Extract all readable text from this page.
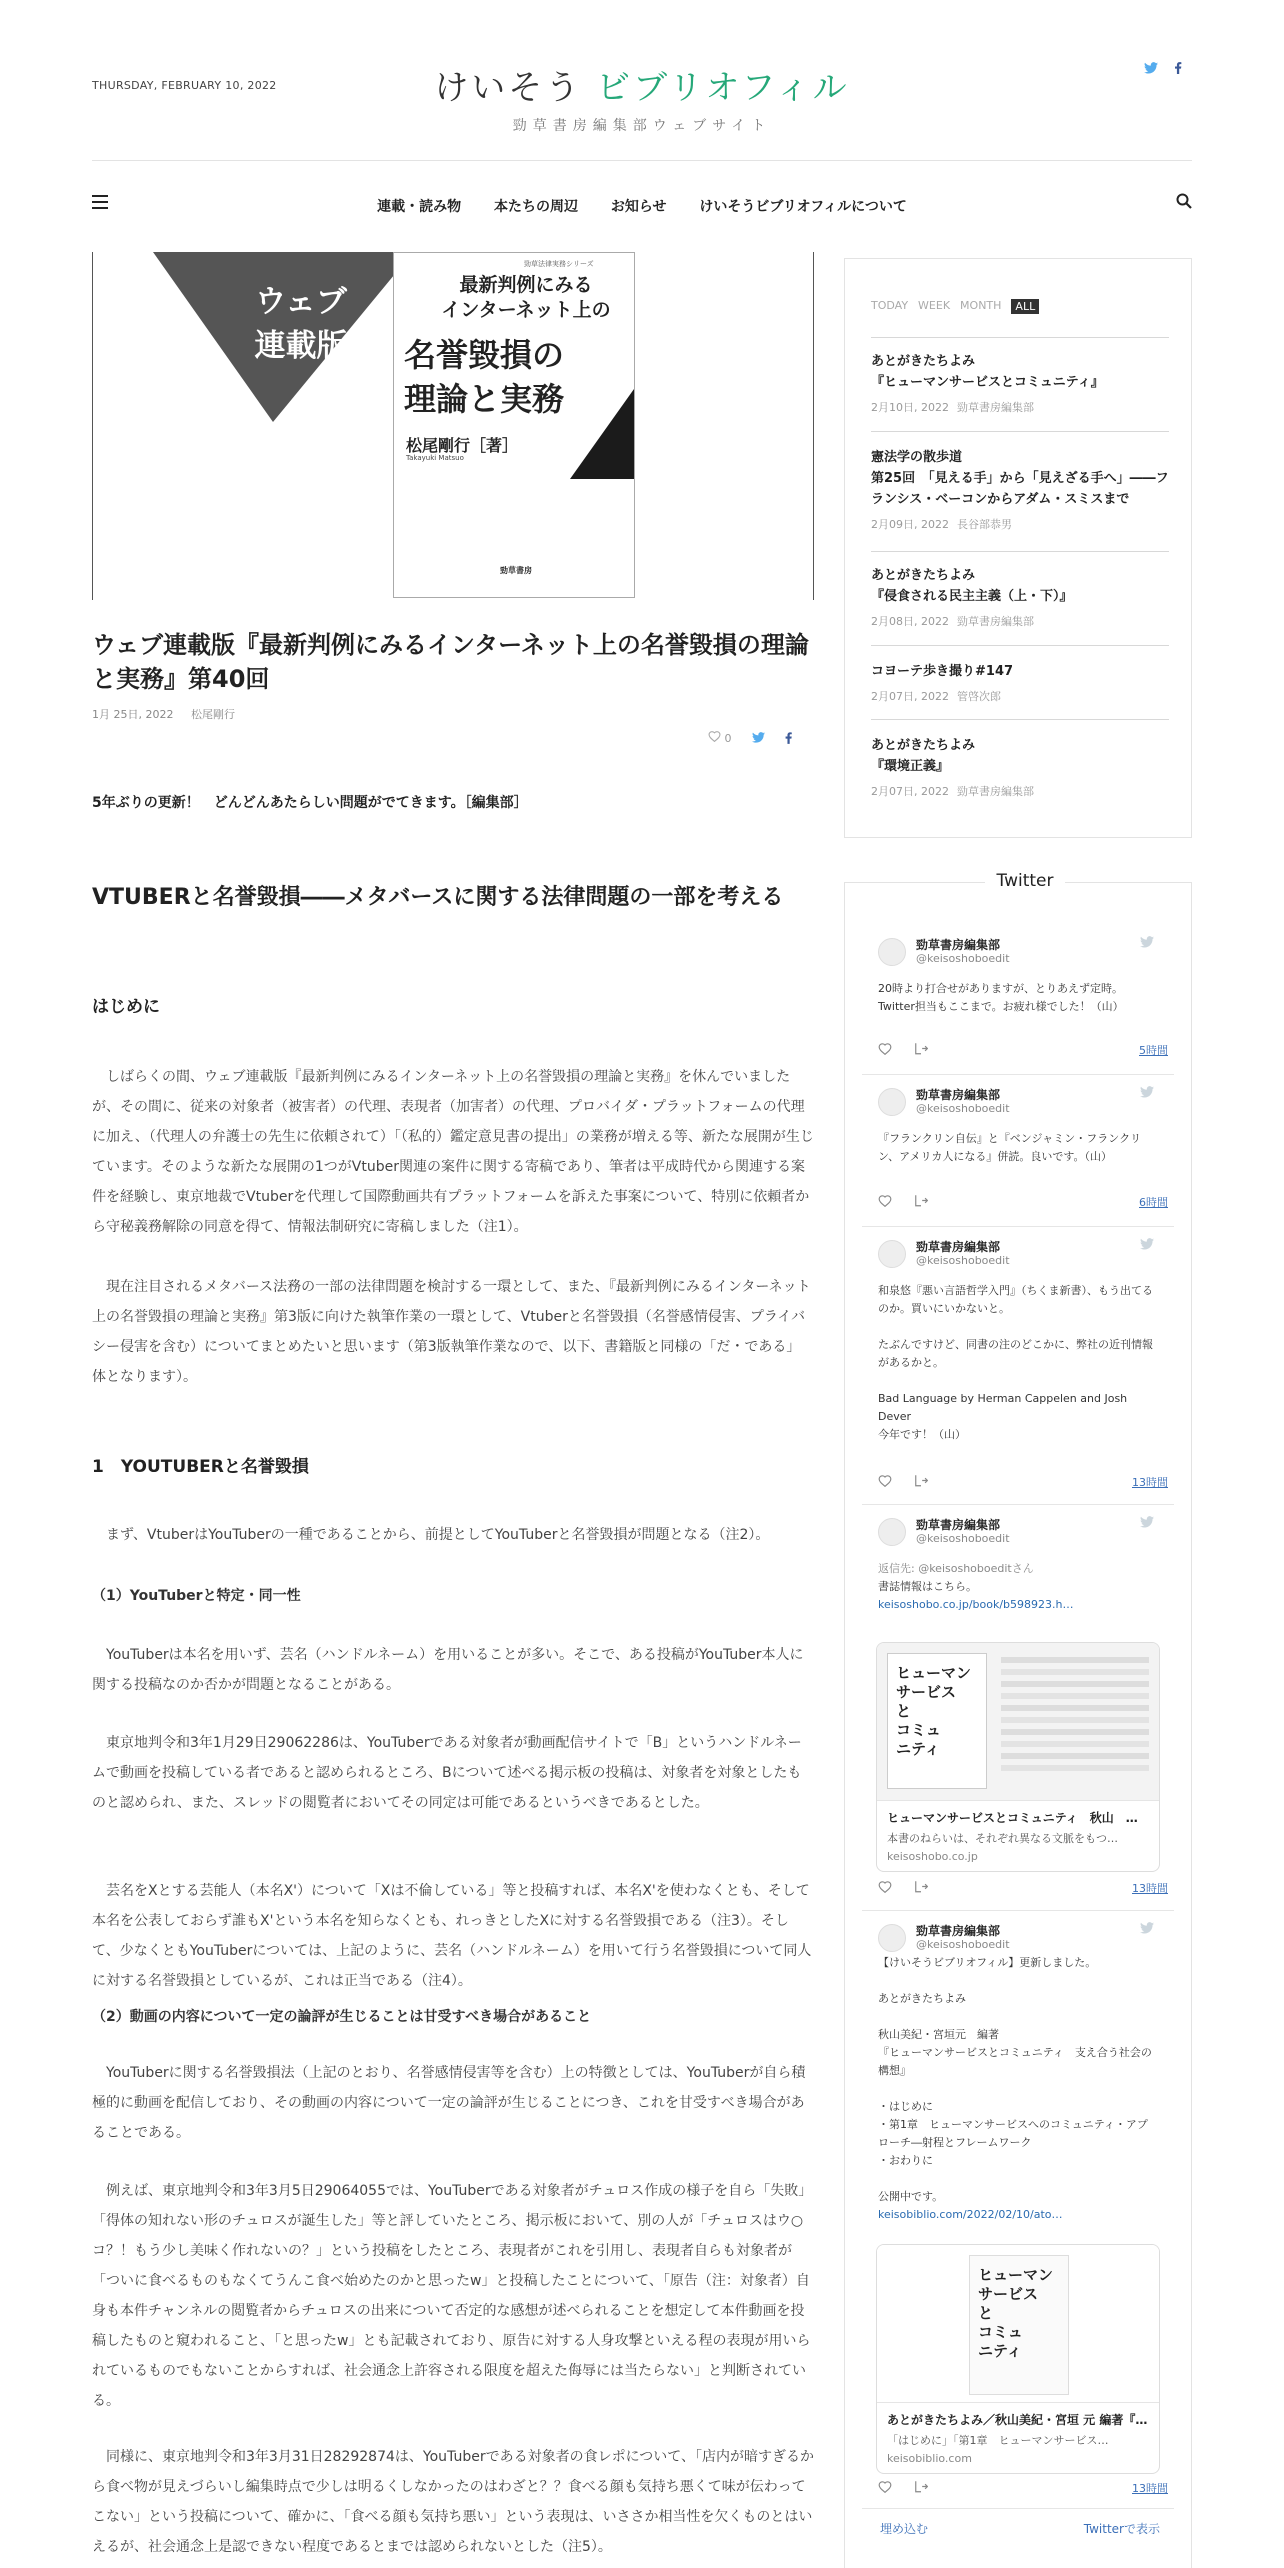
THURSDAY, FEBRUARY 10, 2022	けいそう ビブリオフィル
勁草書房編集部ウェブサイト
連載・読み物 本たちの周辺 お知らせ けいそうビブリオフィルについて
ウェブ
連載版
勁草法律実務シリーズ
最新判例にみる
インターネット上の
名誉毀損の
理論と実務
松尾剛行［著］
Takayuki Matsuo
勁草書房
ウェブ連載版『最新判例にみるインターネット上の名誉毀損の理論と実務』第40回
1月 25日, 2022 松尾剛行
0
5年ぶりの更新！　どんどんあたらしい問題がでてきます。［編集部］
VTUBERと名誉毀損――メタバースに関する法律問題の一部を考える
はじめに

　しばらくの間、ウェブ連載版『最新判例にみるインターネット上の名誉毀損の理論と実務』を休んでいましたが、その間に、従来の対象者（被害者）の代理、表現者（加害者）の代理、プロバイダ・プラットフォームの代理に加え、（代理人の弁護士の先生に依頼されて）「（私的）鑑定意見書の提出」の業務が増える等、新たな展開が生じています。そのような新たな展開の1つがVtuber関連の案件に関する寄稿であり、筆者は平成時代から関連する案件を経験し、東京地裁でVtuberを代理して国際動画共有プラットフォームを訴えた事案について、特別に依頼者から守秘義務解除の同意を得て、情報法制研究に寄稿しました（注1）。

　現在注目されるメタバース法務の一部の法律問題を検討する一環として、また、『最新判例にみるインターネット上の名誉毀損の理論と実務』第3版に向けた執筆作業の一環として、Vtuberと名誉毀損（名誉感情侵害、プライバシー侵害を含む）についてまとめたいと思います（第3版執筆作業なので、以下、書籍版と同様の「だ・である」体となります）。

1　YOUTUBERと名誉毀損

　まず、VtuberはYouTuberの一種であることから、前提としてYouTuberと名誉毀損が問題となる（注2）。

（1）YouTuberと特定・同一性

　YouTuberは本名を用いず、芸名（ハンドルネーム）を用いることが多い。そこで、ある投稿がYouTuber本人に関する投稿なのか否かが問題となることがある。

　東京地判令和3年1月29日29062286は、YouTuberである対象者が動画配信サイトで「B」というハンドルネームで動画を投稿している者であると認められるところ、Bについて述べる掲示板の投稿は、対象者を対象としたものと認められ、また、スレッドの閲覧者においてその同定は可能であるというべきであるとした。

　芸名をXとする芸能人（本名X'）について「Xは不倫している」等と投稿すれば、本名X'を使わなくとも、そして本名を公表しておらず誰もX'という本名を知らなくとも、れっきとしたXに対する名誉毀損である（注3）。そして、少なくともYouTuberについては、上記のように、芸名（ハンドルネーム）を用いて行う名誉毀損について同人に対する名誉毀損としているが、これは正当である（注4）。

（2）動画の内容について一定の論評が生じることは甘受すべき場合があること

　YouTuberに関する名誉毀損法（上記のとおり、名誉感情侵害等を含む）上の特徴としては、YouTuberが自ら積極的に動画を配信しており、その動画の内容について一定の論評が生じることにつき、これを甘受すべき場合があることである。

　例えば、東京地判令和3年3月5日29064055では、YouTuberである対象者がチュロス作成の様子を自ら「失敗」「得体の知れない形のチュロスが誕生した」等と評していたところ、掲示板において、別の人が「チュロスはウ○コ？！もう少し美味く作れないの？」という投稿をしたところ、表現者がこれを引用し、表現者自らも対象者が「ついに食べるものもなくてうんこ食べ始めたのかと思ったw」と投稿したことについて、「原告（注：対象者）自身も本件チャンネルの閲覧者からチュロスの出来について否定的な感想が述べられることを想定して本件動画を投稿したものと窺われること、「と思ったw」とも記載されており、原告に対する人身攻撃といえる程の表現が用いられているものでもないことからすれば、社会通念上許容される限度を超えた侮辱には当たらない」と判断されている。

　同様に、東京地判令和3年3月31日28292874は、YouTuberである対象者の食レポについて、「店内が暗すぎるから食べ物が見えづらいし編集時点で少しは明るくしなかったのはわざと？？食べる顔も気持ち悪くて味が伝わってこない」という投稿について、確かに、「食べる顔も気持ち悪い」という表現は、いささか相当性を欠くものとはいえるが、社会通念上是認できない程度であるとまでは認められないとした（注5）。

TODAY WEEK MONTH	ALL
あとがきたちよみ
『ヒューマンサービスとコミュニティ』
2月10日, 2022 勁草書房編集部
憲法学の散歩道
第25回　「見える手」から「見えざる手へ」――フランシス・ベーコンからアダム・スミスまで
2月09日, 2022 長谷部恭男
あとがきたちよみ
『侵食される民主主義（上・下）』
2月08日, 2022 勁草書房編集部
コヨーテ歩き撮り#147
2月07日, 2022 管啓次郎
あとがきたちよみ
『環境正義』
2月07日, 2022 勁草書房編集部
Twitter
勁草書房編集部
@keisoshoboedit
20時より打合せがありますが、とりあえず定時。Twitter担当もここまで。お疲れ様でした！（山）
5時間
勁草書房編集部
@keisoshoboedit
『フランクリン自伝』と『ベンジャミン・フランクリン、アメリカ人になる』併読。良いです。（山）
6時間
勁草書房編集部
@keisoshoboedit
和泉悠『悪い言語哲学入門』（ちくま新書）、もう出てるのか。買いにいかないと。

たぶんですけど、同書の注のどこかに、弊社の近刊情報があるかと。

Bad Language by Herman Cappelen and Josh Dever
今年です！（山）
13時間
勁草書房編集部
@keisoshoboedit
返信先: @keisoshoboeditさん
書誌情報はこちら。
keisoshobo.co.jp/book/b598923.h…
ヒューマン
サービス
と
コミュ
ニティ
ヒューマンサービスとコミュニティ　秋山　…
本書のねらいは、それぞれ異なる文脈をもつ…
keisoshobo.co.jp
13時間
勁草書房編集部
@keisoshoboedit
【けいそうビブリオフィル】更新しました。

あとがきたちよみ

秋山美紀・宮垣元　編著
『ヒューマンサービスとコミュニティ　支え合う社会の構想』

・はじめに
・第1章　ヒューマンサービスへのコミュニティ・アプローチ―射程とフレームワーク
・おわりに

公開中です。
keisobiblio.com/2022/02/10/ato…
ヒューマン
サービス
と
コミュ
ニティ
あとがきたちよみ／秋山美紀・宮垣 元 編著『…
「はじめに」「第1章　ヒューマンサービス…
keisobiblio.com
13時間
埋め込む	Twitterで表示
